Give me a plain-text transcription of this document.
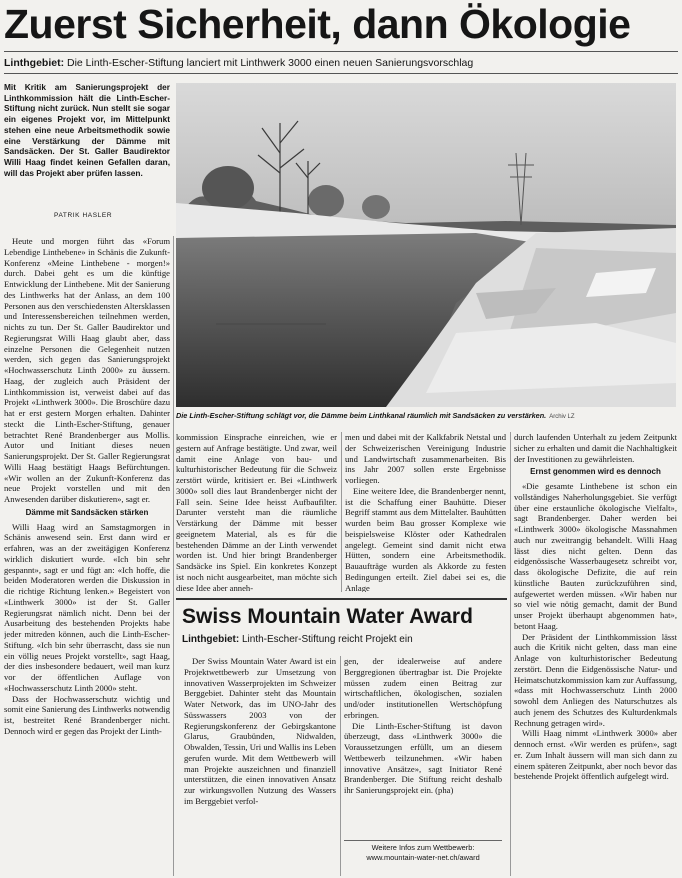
Zuerst Sicherheit, dann Ökologie
Linthgebiet: Die Linth-Escher-Stiftung lanciert mit Linthwerk 3000 einen neuen Sanierungsvorschlag

Mit Kritik am Sanierungsprojekt der Linthkommission hält die Linth-Escher-Stiftung nicht zurück. Nun stellt sie sogar ein eigenes Projekt vor, im Mittelpunkt stehen eine neue Arbeitsmethodik sowie eine Verstärkung der Dämme mit Sandsäcken. Der St. Galler Baudirektor Willi Haag findet keinen Gefallen daran, will das Projekt aber prüfen lassen.

PATRIK HASLER
Die Linth-Escher-Stiftung schlägt vor, die Dämme beim Linthkanal räumlich mit Sandsäcken zu verstärken. Archiv LZ

Heute und morgen führt das «Forum Lebendige Linthebene» in Schänis die Zukunft-Konferenz «Meine Linthebene - morgen!» durch. Dabei geht es um die künftige Entwicklung der Linthebene. Mit der Sanierung des Linthwerks hat der Anlass, an dem 100 Personen aus den verschiedensten Altersklassen und Interessensbereichen teilnehmen werden, nichts zu tun. Der St. Galler Baudirektor und Regierungsrat Willi Haag glaubt aber, dass einzelne Personen die Gelegenheit nutzen werden, sich gegen das Sanierungsprojekt «Hochwasserschutz Linth 2000» zu äussern. Haag, der zugleich auch Präsident der Linthkommission ist, verweist dabei auf das Projekt «Linthwerk 3000». Die Broschüre dazu hat er erst gestern Morgen erhalten. Dahinter steckt die Linth-Escher-Stiftung, genauer betrachtet René Brandenberger aus Mollis. Autor und Initiant dieses neuen Sanierungsprojekt. Der St. Galler Regierungsrat Willi Haag bestätigt Haags Befürchtungen. «Wir wollen an der Zukunft-Konferenz das neue Projekt vorstellen und mit den Anwesenden darüber diskutieren», sagt er.

Dämme mit Sandsäcken stärken

Willi Haag wird an Samstagmorgen in Schänis anwesend sein. Erst dann wird er erfahren, was an der zweitägigen Konferenz wirklich diskutiert wurde. «Ich bin sehr gespannt», sagt er und fügt an: «Ich hoffe, die beiden Moderatoren werden die Diskussion in die richtige Richtung lenken.» Begeistert von «Linthwerk 3000» ist der St. Galler Regierungsrat nämlich nicht. Denn bei der Ausarbeitung des bestehenden Projekts habe jeder mitreden können, auch die Linth-Escher-Stiftung. «Ich bin sehr überrascht, dass sie nun ein völlig neues Projekt vorstellt», sagt Haag, der dies insbesondere bedauert, weil man kurz vor der öffentlichen Auflage von «Hochwasserschutz Linth 2000» steht.

Dass der Hochwasserschutz wichtig und somit eine Sanierung des Linthwerks notwendig ist, bestreitet René Brandenberger nicht. Dennoch wird er gegen das Projekt der Linth-

kommission Einsprache einreichen, wie er gestern auf Anfrage bestätigte. Und zwar, weil damit eine Anlage von bau- und kulturhistorischer Bedeutung für die Schweiz zerstört würde, kritisiert er. Bei «Linthwerk 3000» soll dies laut Brandenberger nicht der Fall sein. Seine Idee heisst Aufbaufilter. Darunter versteht man die räumliche Verstärkung der Dämme mit besser geeignetem Material, als es für die bestehenden Dämme an der Linth verwendet worden ist. Und hier bringt Brandenberger Sandsäcke ins Spiel. Ein konkretes Konzept ist noch nicht ausgearbeitet, man möchte sich diese Idee aber anneh-

men und dabei mit der Kalkfabrik Netstal und der Schweizerischen Vereinigung Industrie und Landwirtschaft zusammenarbeiten. Bis ins Jahr 2007 sollen erste Ergebnisse vorliegen.

Eine weitere Idee, die Brandenberger nennt, ist die Schaffung einer Bauhütte. Dieser Begriff stammt aus dem Mittelalter. Bauhütten wurden beim Bau grosser Komplexe wie beispielsweise Klöster oder Kathedralen angelegt. Gemeint sind damit nicht etwa Hütten, sondern eine Arbeitsmethodik. Bauaufträge wurden als Akkorde zu festen Bedingungen erteilt. Ziel dabei sei es, die Anlage

durch laufenden Unterhalt zu jedem Zeitpunkt sicher zu erhalten und damit die Nachhaltigkeit der Investitionen zu gewährleisten.

Ernst genommen wird es dennoch

«Die gesamte Linthebene ist schon ein vollständiges Naherholungsgebiet. Sie verfügt über eine erstaunliche ökologische Vielfalt», sagt Brandenberger. Daher werden bei «Linthwerk 3000» ökologische Massnahmen auch nur zweitrangig behandelt. Willi Haag lässt dies nicht gelten. Denn das eidgenössische Wasserbaugesetz schreibt vor, dass ökologische Defizite, die auf rein künstliche Bauten zurückzuführen sind, aufgewertet werden müssen. «Wir haben nur so viel wie nötig gemacht, damit der Bund unser Projekt überhaupt abgenommen hat», betont Haag.

Der Präsident der Linthkommission lässt auch die Kritik nicht gelten, dass man eine Anlage von kulturhistorischer Bedeutung zerstört. Denn die Eidgenössische Natur- und Heimatschutzkommission kam zur Auffassung, «dass mit Hochwasserschutz Linth 2000 sowohl dem Anliegen des Naturschutzes als auch jenem des Schutzes des Kulturdenkmals Rechnung getragen wird».

Willi Haag nimmt «Linthwerk 3000» aber dennoch ernst. «Wir werden es prüfen», sagt er. Zum Inhalt äussern will man sich dann zu einem späteren Zeitpunkt, aber noch bevor das bestehende Projekt öffentlich aufgelegt wird.

Swiss Mountain Water Award
Linthgebiet: Linth-Escher-Stiftung reicht Projekt ein

Der Swiss Mountain Water Award ist ein Projektwettbewerb zur Umsetzung von innovativen Wasserprojekten im Schweizer Berggebiet. Dahinter steht das Mountain Water Network, das im UNO-Jahr des Süsswassers 2003 von der Regierungskonferenz der Gebirgskantone Glarus, Graubünden, Nidwalden, Obwalden, Tessin, Uri und Wallis ins Leben gerufen wurde. Mit dem Wettbewerb will man Projekte auszeichnen und finanziell unterstützen, die einen innovativen Ansatz zur wirkungsvollen Nutzung des Wassers im Berggebiet verfol-

gen, der idealerweise auf andere Berggregionen übertragbar ist. Die Projekte müssen zudem einen Beitrag zur wirtschaftlichen, ökologischen, sozialen und/oder institutionellen Wertschöpfung erbringen.

Die Linth-Escher-Stiftung ist davon überzeugt, dass «Linthwerk 3000» die Voraussetzungen erfüllt, um an diesem Wettbewerb teilzunehmen. «Wir haben innovative Ansätze», sagt Initiator René Brandenberger. Die Stiftung reicht deshalb ihr Sanierungsprojekt ein. (pha)

Weitere Infos zum Wettbewerb:
www.mountain-water-net.ch/award
